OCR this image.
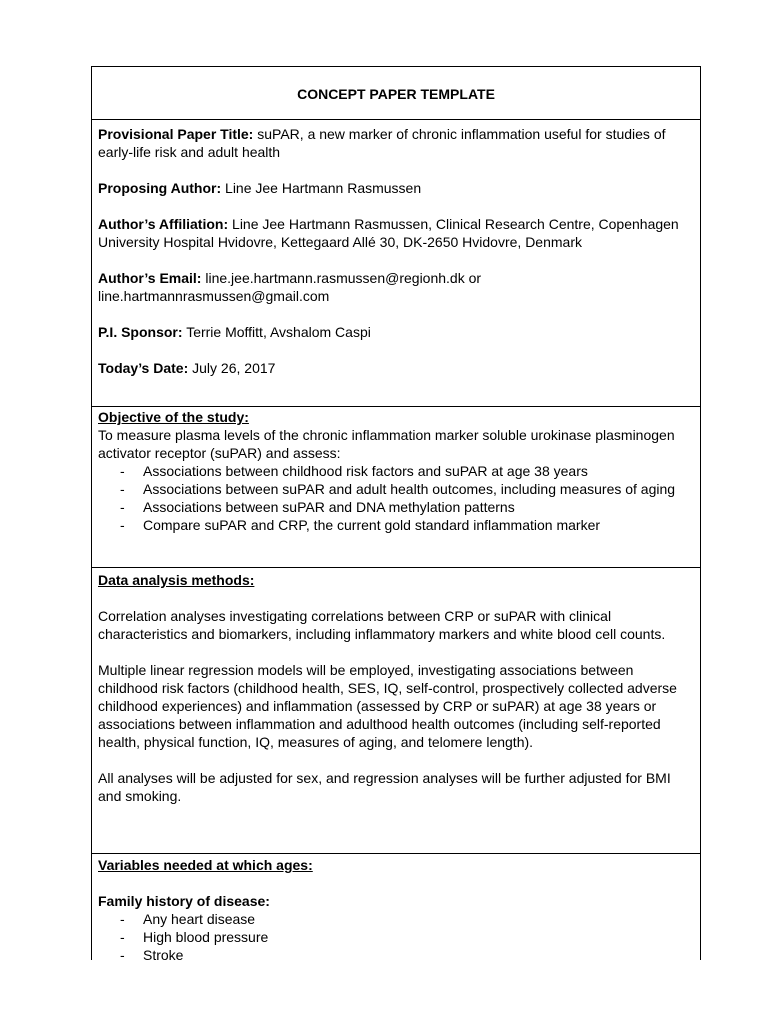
CONCEPT PAPER TEMPLATE

Provisional Paper Title: suPAR, a new marker of chronic inflammation useful for studies of early-life risk and adult health

Proposing Author: Line Jee Hartmann Rasmussen

Author’s Affiliation: Line Jee Hartmann Rasmussen, Clinical Research Centre, Copenhagen University Hospital Hvidovre, Kettegaard Allé 30, DK-2650 Hvidovre, Denmark

Author’s Email: line.jee.hartmann.rasmussen@regionh.dk or line.hartmannrasmussen@gmail.com

P.I. Sponsor: Terrie Moffitt, Avshalom Caspi

Today’s Date: July 26, 2017

Objective of the study:

To measure plasma levels of the chronic inflammation marker soluble urokinase plasminogen activator receptor (suPAR) and assess:

- Associations between childhood risk factors and suPAR at age 38 years
- Associations between suPAR and adult health outcomes, including measures of aging
- Associations between suPAR and DNA methylation patterns
- Compare suPAR and CRP, the current gold standard inflammation marker

Data analysis methods:

Correlation analyses investigating correlations between CRP or suPAR with clinical characteristics and biomarkers, including inflammatory markers and white blood cell counts.

Multiple linear regression models will be employed, investigating associations between childhood risk factors (childhood health, SES, IQ, self-control, prospectively collected adverse childhood experiences) and inflammation (assessed by CRP or suPAR) at age 38 years or associations between inflammation and adulthood health outcomes (including self-reported health, physical function, IQ, measures of aging, and telomere length).

All analyses will be adjusted for sex, and regression analyses will be further adjusted for BMI and smoking.

Variables needed at which ages:

Family history of disease:

- Any heart disease
- High blood pressure
- Stroke
